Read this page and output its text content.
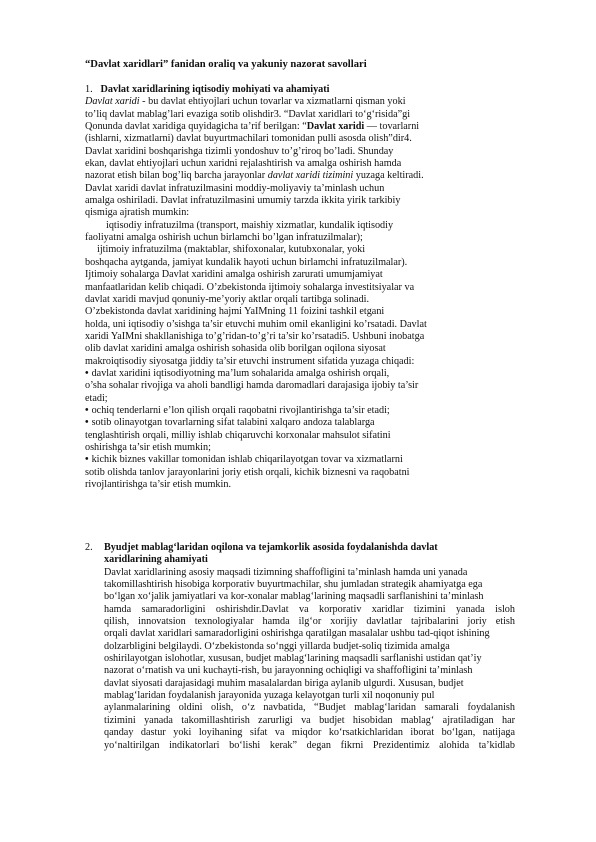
“Davlat xaridlari” fanidan oraliq va yakuniy nazorat savollari
1. Davlat xaridlarining iqtisodiy mohiyati va ahamiyati
Davlat xaridi - bu davlat ehtiyojlari uchun tovarlar va xizmatlarni qisman yoki
to’liq davlat mablag’lari evaziga sotib olishdir3. “Davlat xaridlari to‘g‘risida”gi
Qonunda davlat xaridiga quyidagicha ta’rif berilgan: “Davlat xaridi — tovarlarni
(ishlarni, xizmatlarni) davlat buyurtmachilari tomonidan pulli asosda olish”dir4.
Davlat xaridini boshqarishga tizimli yondoshuv to’g’riroq bo’ladi. Shunday
ekan, davlat ehtiyojlari uchun xaridni rejalashtirish va amalga oshirish hamda
nazorat etish bilan bog’liq barcha jarayonlar davlat xaridi tizimini yuzaga keltiradi.
Davlat xaridi davlat infratuzilmasini moddiy-moliyaviy ta’minlash uchun
amalga oshiriladi. Davlat infratuzilmasini umumiy tarzda ikkita yirik tarkibiy
qismiga ajratish mumkin:
iqtisodiy infratuzilma (transport, maishiy xizmatlar, kundalik iqtisodiy
faoliyatni amalga oshirish uchun birlamchi bo’lgan infratuzilmalar);
ijtimoiy infratuzilma (maktablar, shifoxonalar, kutubxonalar, yoki
boshqacha aytganda, jamiyat kundalik hayoti uchun birlamchi infratuzilmalar).
Ijtimoiy sohalarga Davlat xaridini amalga oshirish zarurati umumjamiyat
manfaatlaridan kelib chiqadi. O’zbekistonda ijtimoiy sohalarga investitsiyalar va
davlat xaridi mavjud qonuniy-me’yoriy aktlar orqali tartibga solinadi.
O’zbekistonda davlat xaridining hajmi YaIMning 11 foizini tashkil etgani
holda, uni iqtisodiy o’sishga ta’sir etuvchi muhim omil ekanligini ko’rsatadi. Davlat
xaridi YaIMni shakllanishiga to’g’ridan-to’g’ri ta’sir ko’rsatadi5. Ushbuni inobatga
olib davlat xaridini amalga oshirish sohasida olib borilgan oqilona siyosat
makroiqtisodiy siyosatga jiddiy ta’sir etuvchi instrument sifatida yuzaga chiqadi:
• davlat xaridini iqtisodiyotning ma’lum sohalarida amalga oshirish orqali,
o’sha sohalar rivojiga va aholi bandligi hamda daromadlari darajasiga ijobiy ta’sir
etadi;
• ochiq tenderlarni e’lon qilish orqali raqobatni rivojlantirishga ta’sir etadi;
• sotib olinayotgan tovarlarning sifat talabini xalqaro andoza talablarga
tenglashtirish orqali, milliy ishlab chiqaruvchi korxonalar mahsulot sifatini
oshirishga ta’sir etish mumkin;
• kichik biznes vakillar tomonidan ishlab chiqarilayotgan tovar va xizmatlarni
sotib olishda tanlov jarayonlarini joriy etish orqali, kichik biznesni va raqobatni
rivojlantirishga ta’sir etish mumkin.
2. Byudjet mablag‘laridan oqilona va tejamkorlik asosida foydalanishda davlat
xaridlarining ahamiyati
Davlat xaridlarining asosiy maqsadi tizimning shaffofligini ta’minlash hamda uni yanada
takomillashtirish hisobiga korporativ buyurtmachilar, shu jumladan strategik ahamiyatga ega
bo‘lgan xo‘jalik jamiyatlari va kor-xonalar mablag‘larining maqsadli sarflanishini ta’minlash
hamda samaradorligini oshirishdir.Davlat va korporativ xaridlar tizimini yanada isloh
qilish, innovatsion texnologiyalar hamda ilg‘or xorijiy davlatlar tajribalarini joriy etish
orqali davlat xaridlari samaradorligini oshirishga qaratilgan masalalar ushbu tad-qiqot ishining
dolzarbligini belgilaydi. O‘zbekistonda so‘nggi yillarda budjet-soliq tizimida amalga
oshirilayotgan islohotlar, xususan, budjet mablag‘larining maqsadli sarflanishi ustidan qat’iy
nazorat o‘rnatish va uni kuchayti-rish, bu jarayonning ochiqligi va shaffofligini ta’minlash
davlat siyosati darajasidagi muhim masalalardan biriga aylanib ulgurdi. Xususan, budjet
mablag‘laridan foydalanish jarayonida yuzaga kelayotgan turli xil noqonuniy pul
aylanmalarining oldini olish, o‘z navbatida, “Budjet mablag‘laridan samarali foydalanish
tizimini yanada takomillashtirish zarurligi va budjet hisobidan mablag‘ ajratiladigan har
qanday dastur yoki loyihaning sifat va miqdor ko‘rsatkichlaridan iborat bo‘lgan, natijaga
yo‘naltirilgan indikatorlari bo‘lishi kerak” degan fikrni Prezidentimiz alohida ta’kidlab
